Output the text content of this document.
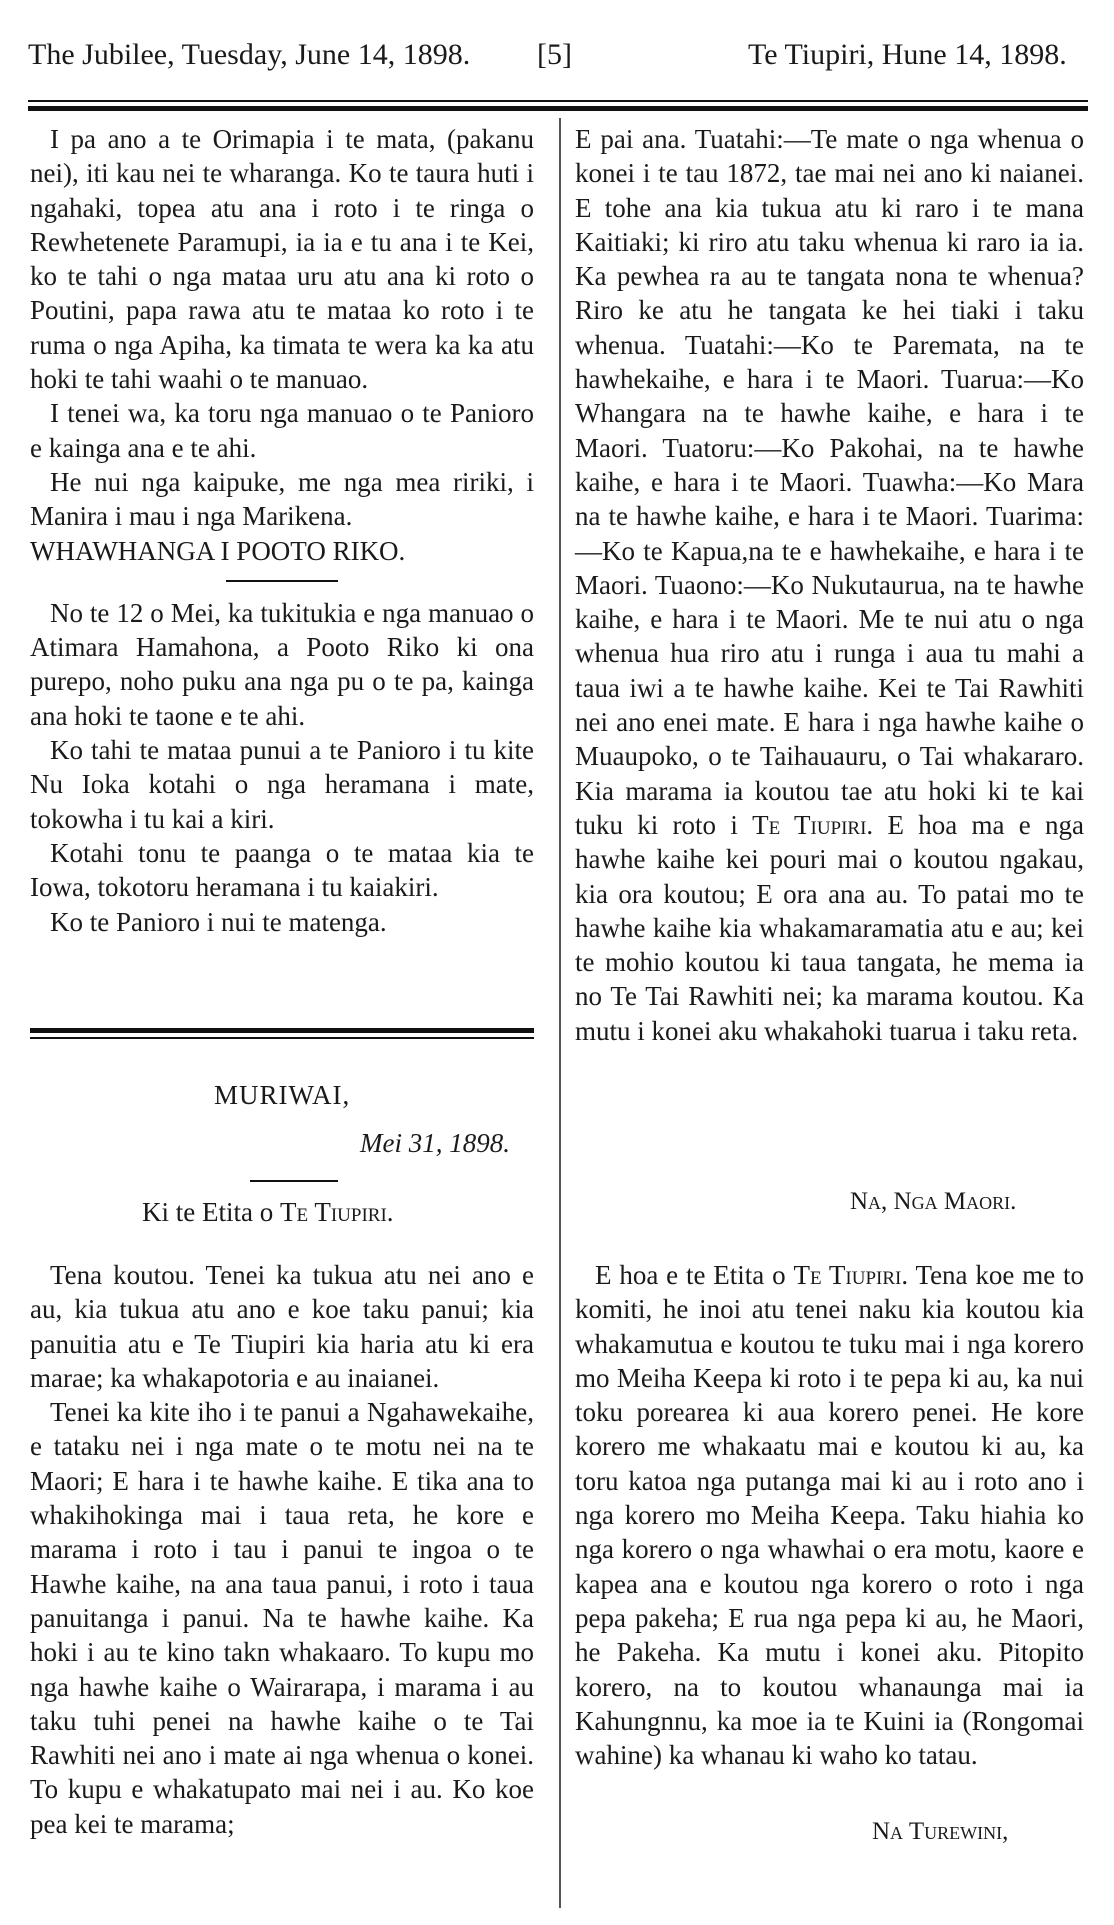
The Jubilee, Tuesday, June 14, 1898. [5]	Te Tiupiri, Hune 14, 1898.

I pa ano a te Orimapia i te mata, (pakanu nei), iti kau nei te wharanga. Ko te taura huti i ngahaki, topea atu ana i roto i te ringa o Rewhetenete Paramupi, ia ia e tu ana i te Kei, ko te tahi o nga mataa uru atu ana ki roto o Poutini, papa rawa atu te mataa ko roto i te ruma o nga Apiha, ka timata te wera ka ka atu hoki te tahi waahi o te manuao.

I tenei wa, ka toru nga manuao o te Panioro e kainga ana e te ahi.

He nui nga kaipuke, me nga mea ririki, i Manira i mau i nga Marikena.

WHAWHANGA I POOTO RIKO.

No te 12 o Mei, ka tukitukia e nga manuao o Atimara Hamahona, a Pooto Riko ki ona purepo, noho puku ana nga pu o te pa, kainga ana hoki te taone e te ahi.

Ko tahi te mataa punui a te Panioro i tu kite Nu Ioka kotahi o nga heramana i mate, tokowha i tu kai a kiri.

Kotahi tonu te paanga o te mataa kia te Iowa, tokotoru heramana i tu kaiakiri.

Ko te Panioro i nui te matenga.

MURIWAI,
Mei 31, 1898.
Ki te Etita o Te Tiupiri.

Tena koutou. Tenei ka tukua atu nei ano e au, kia tukua atu ano e koe taku panui; kia panuitia atu e Te Tiupiri kia haria atu ki era marae; ka whakapotoria e au inaianei.

Tenei ka kite iho i te panui a Ngahawekaihe, e tataku nei i nga mate o te motu nei na te Maori; E hara i te hawhe kaihe. E tika ana to whakihokinga mai i taua reta, he kore e marama i roto i tau i panui te ingoa o te Hawhe kaihe, na ana taua panui, i roto i taua panuitanga i panui. Na te hawhe kaihe. Ka hoki i au te kino takn whakaaro. To kupu mo nga hawhe kaihe o Wairarapa, i marama i au taku tuhi penei na hawhe kaihe o te Tai Rawhiti nei ano i mate ai nga whenua o konei. To kupu e whakatupato mai nei i au. Ko koe pea kei te marama;

E pai ana. Tuatahi:—Te mate o nga whenua o konei i te tau 1872, tae mai nei ano ki naianei. E tohe ana kia tukua atu ki raro i te mana Kaitiaki; ki riro atu taku whenua ki raro ia ia. Ka pewhea ra au te tangata nona te whenua? Riro ke atu he tangata ke hei tiaki i taku whenua. Tuatahi:—Ko te Paremata, na te hawhekaihe, e hara i te Maori. Tuarua:—Ko Whangara na te hawhe kaihe, e hara i te Maori. Tuatoru:—Ko Pakohai, na te hawhe kaihe, e hara i te Maori. Tuawha:—Ko Mara na te hawhe kaihe, e hara i te Maori. Tuarima:—Ko te Kapua,na te e hawhekaihe, e hara i te Maori. Tuaono:—Ko Nukutaurua, na te hawhe kaihe, e hara i te Maori. Me te nui atu o nga whenua hua riro atu i runga i aua tu mahi a taua iwi a te hawhe kaihe. Kei te Tai Rawhiti nei ano enei mate. E hara i nga hawhe kaihe o Muaupoko, o te Taihauauru, o Tai whakararo. Kia marama ia koutou tae atu hoki ki te kai tuku ki roto i Te Tiupiri. E hoa ma e nga hawhe kaihe kei pouri mai o koutou ngakau, kia ora koutou; E ora ana au. To patai mo te hawhe kaihe kia whakamaramatia atu e au; kei te mohio koutou ki taua tangata, he mema ia no Te Tai Rawhiti nei; ka marama koutou. Ka mutu i konei aku whakahoki tuarua i taku reta.

Na, Nga Maori.

E hoa e te Etita o Te Tiupiri. Tena koe me to komiti, he inoi atu tenei naku kia koutou kia whakamutua e koutou te tuku mai i nga korero mo Meiha Keepa ki roto i te pepa ki au, ka nui toku porearea ki aua korero penei. He kore korero me whakaatu mai e koutou ki au, ka toru katoa nga putanga mai ki au i roto ano i nga korero mo Meiha Keepa. Taku hiahia ko nga korero o nga whawhai o era motu, kaore e kapea ana e koutou nga korero o roto i nga pepa pakeha; E rua nga pepa ki au, he Maori, he Pakeha. Ka mutu i konei aku. Pitopito korero, na to koutou whanaunga mai ia Kahungnnu, ka moe ia te Kuini ia (Rongomai wahine) ka whanau ki waho ko tatau.

Na Turewini,
